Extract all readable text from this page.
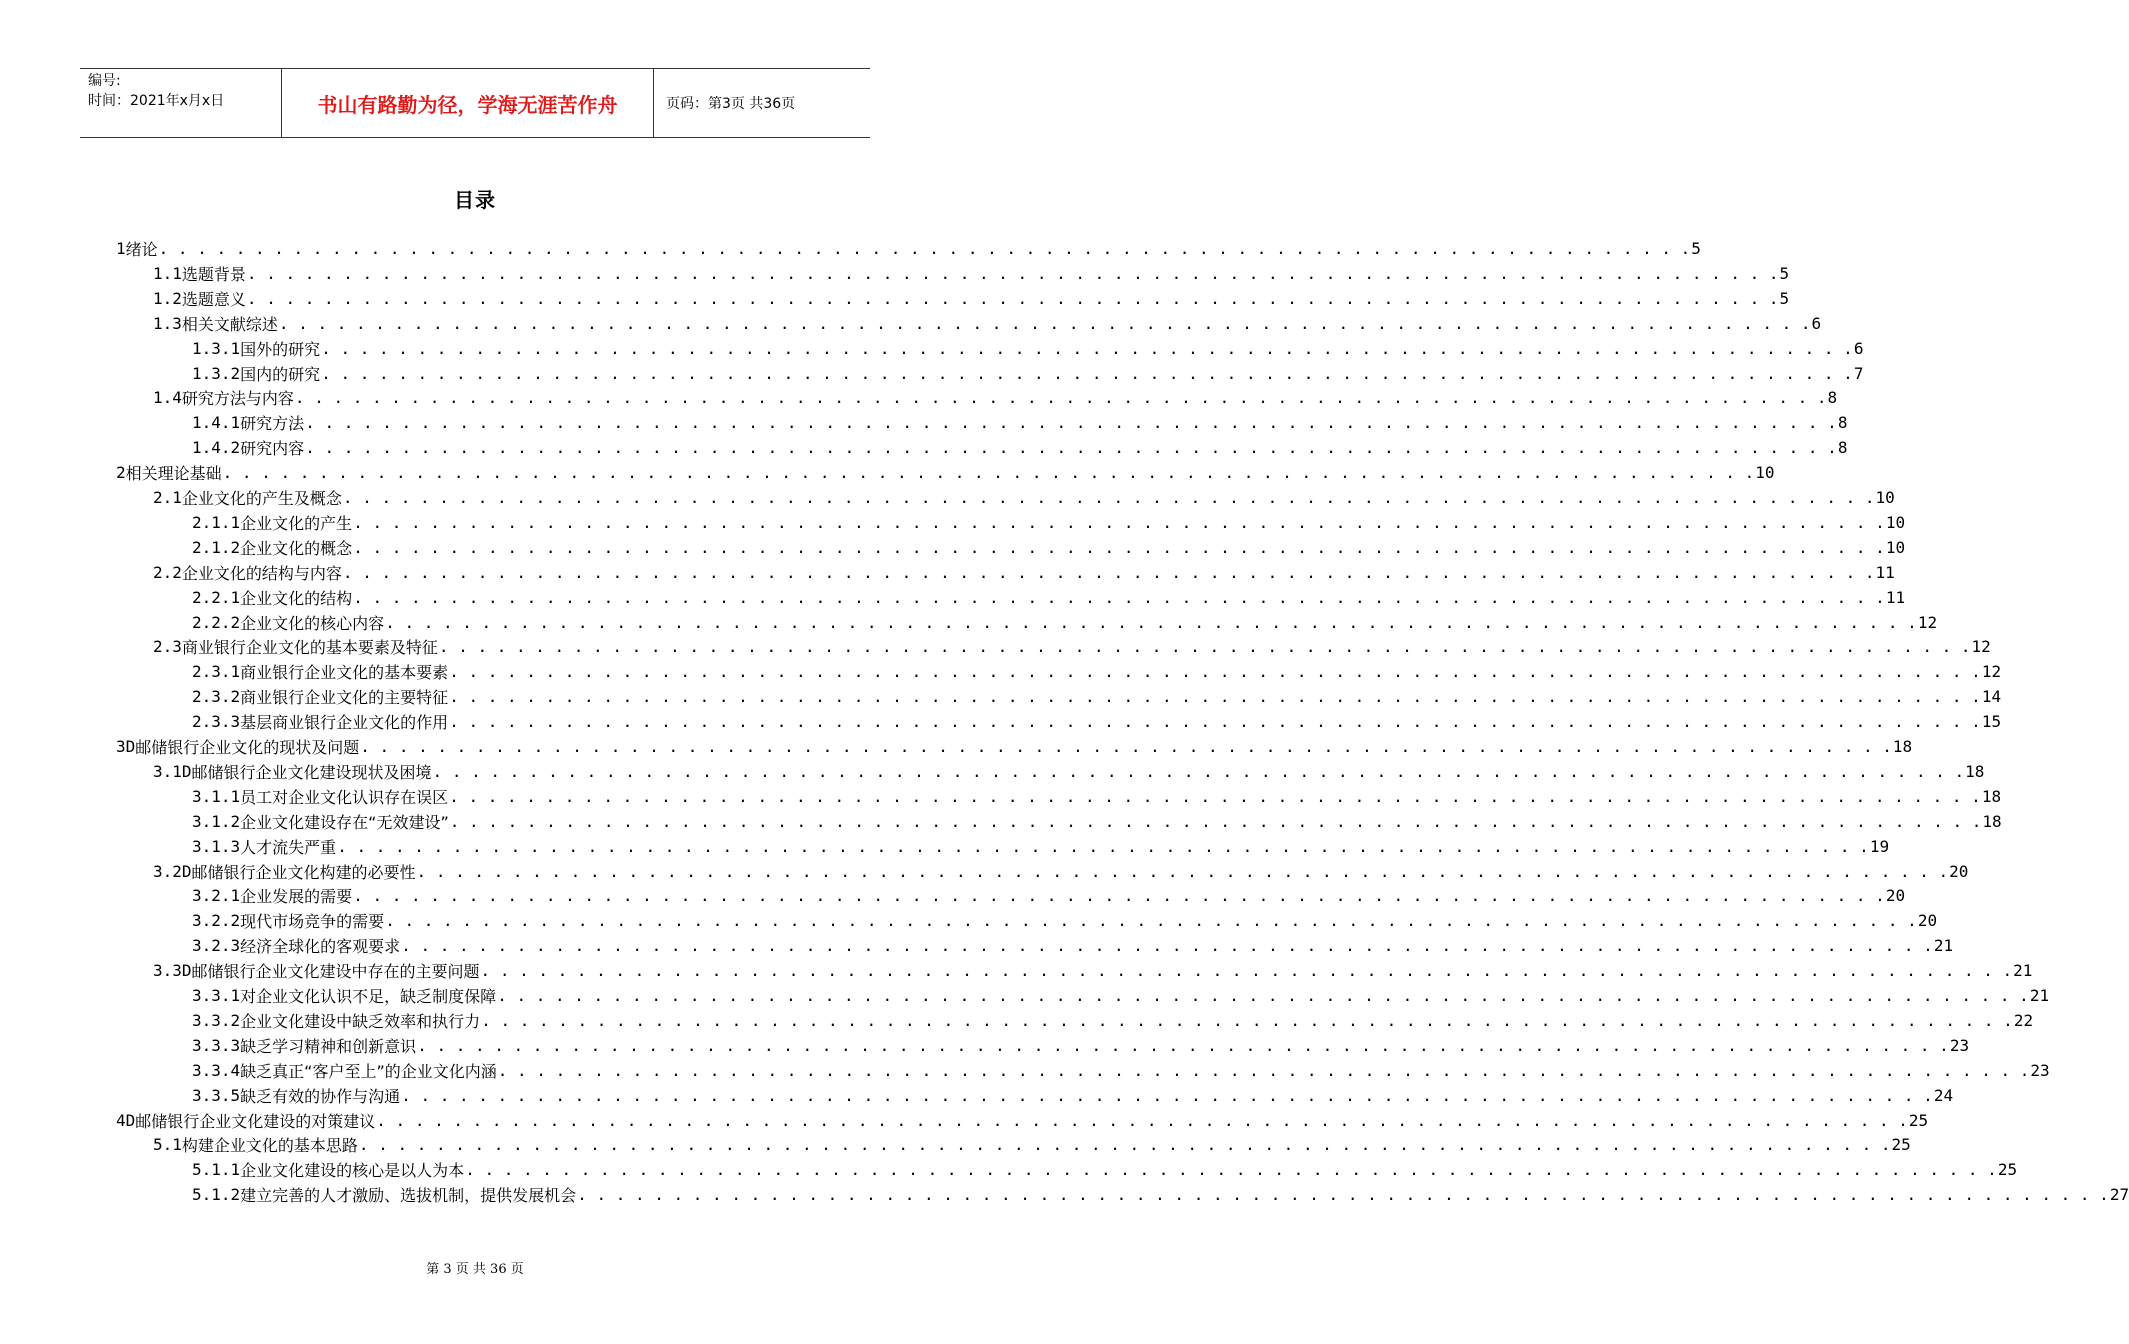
编号:
时间：2021年x月x日	书山有路勤为径，学海无涯苦作舟	页码：第3页 共36页
目录
1 绪论 . . . . . . . . . . . . . . . . . . . . . . . . . . . . . . . . . . . . . . . . . . . . . . . . . . . . . . . . . . . . . . . . . . . . . . . . . . . . . . . . 5
1.1 选题背景 . . . . . . . . . . . . . . . . . . . . . . . . . . . . . . . . . . . . . . . . . . . . . . . . . . . . . . . . . . . . . . . . . . . . . . . . . . . . . . . . 5
1.2 选题意义 . . . . . . . . . . . . . . . . . . . . . . . . . . . . . . . . . . . . . . . . . . . . . . . . . . . . . . . . . . . . . . . . . . . . . . . . . . . . . . . . 5
1.3 相关文献综述 . . . . . . . . . . . . . . . . . . . . . . . . . . . . . . . . . . . . . . . . . . . . . . . . . . . . . . . . . . . . . . . . . . . . . . . . . . . . . . . . 6
1.3.1 国外的研究 . . . . . . . . . . . . . . . . . . . . . . . . . . . . . . . . . . . . . . . . . . . . . . . . . . . . . . . . . . . . . . . . . . . . . . . . . . . . . . . . 6
1.3.2 国内的研究 . . . . . . . . . . . . . . . . . . . . . . . . . . . . . . . . . . . . . . . . . . . . . . . . . . . . . . . . . . . . . . . . . . . . . . . . . . . . . . . . 7
1.4 研究方法与内容 . . . . . . . . . . . . . . . . . . . . . . . . . . . . . . . . . . . . . . . . . . . . . . . . . . . . . . . . . . . . . . . . . . . . . . . . . . . . . . . . 8
1.4.1 研究方法 . . . . . . . . . . . . . . . . . . . . . . . . . . . . . . . . . . . . . . . . . . . . . . . . . . . . . . . . . . . . . . . . . . . . . . . . . . . . . . . . 8
1.4.2 研究内容 . . . . . . . . . . . . . . . . . . . . . . . . . . . . . . . . . . . . . . . . . . . . . . . . . . . . . . . . . . . . . . . . . . . . . . . . . . . . . . . . 8
2 相关理论基础 . . . . . . . . . . . . . . . . . . . . . . . . . . . . . . . . . . . . . . . . . . . . . . . . . . . . . . . . . . . . . . . . . . . . . . . . . . . . . . . . 10
2.1 企业文化的产生及概念 . . . . . . . . . . . . . . . . . . . . . . . . . . . . . . . . . . . . . . . . . . . . . . . . . . . . . . . . . . . . . . . . . . . . . . . . . . . . . . . . 10
2.1.1 企业文化的产生 . . . . . . . . . . . . . . . . . . . . . . . . . . . . . . . . . . . . . . . . . . . . . . . . . . . . . . . . . . . . . . . . . . . . . . . . . . . . . . . . 10
2.1.2 企业文化的概念 . . . . . . . . . . . . . . . . . . . . . . . . . . . . . . . . . . . . . . . . . . . . . . . . . . . . . . . . . . . . . . . . . . . . . . . . . . . . . . . . 10
2.2 企业文化的结构与内容 . . . . . . . . . . . . . . . . . . . . . . . . . . . . . . . . . . . . . . . . . . . . . . . . . . . . . . . . . . . . . . . . . . . . . . . . . . . . . . . . 11
2.2.1 企业文化的结构 . . . . . . . . . . . . . . . . . . . . . . . . . . . . . . . . . . . . . . . . . . . . . . . . . . . . . . . . . . . . . . . . . . . . . . . . . . . . . . . . 11
2.2.2 企业文化的核心内容 . . . . . . . . . . . . . . . . . . . . . . . . . . . . . . . . . . . . . . . . . . . . . . . . . . . . . . . . . . . . . . . . . . . . . . . . . . . . . . . . 12
2.3 商业银行企业文化的基本要素及特征 . . . . . . . . . . . . . . . . . . . . . . . . . . . . . . . . . . . . . . . . . . . . . . . . . . . . . . . . . . . . . . . . . . . . . . . . . . . . . . . . 12
2.3.1 商业银行企业文化的基本要素 . . . . . . . . . . . . . . . . . . . . . . . . . . . . . . . . . . . . . . . . . . . . . . . . . . . . . . . . . . . . . . . . . . . . . . . . . . . . . . . . 12
2.3.2 商业银行企业文化的主要特征 . . . . . . . . . . . . . . . . . . . . . . . . . . . . . . . . . . . . . . . . . . . . . . . . . . . . . . . . . . . . . . . . . . . . . . . . . . . . . . . . 14
2.3.3 基层商业银行企业文化的作用 . . . . . . . . . . . . . . . . . . . . . . . . . . . . . . . . . . . . . . . . . . . . . . . . . . . . . . . . . . . . . . . . . . . . . . . . . . . . . . . . 15
3D 邮储银行企业文化的现状及问题 . . . . . . . . . . . . . . . . . . . . . . . . . . . . . . . . . . . . . . . . . . . . . . . . . . . . . . . . . . . . . . . . . . . . . . . . . . . . . . . . 18
3.1D 邮储银行企业文化建设现状及困境 . . . . . . . . . . . . . . . . . . . . . . . . . . . . . . . . . . . . . . . . . . . . . . . . . . . . . . . . . . . . . . . . . . . . . . . . . . . . . . . . 18
3.1.1 员工对企业文化认识存在误区 . . . . . . . . . . . . . . . . . . . . . . . . . . . . . . . . . . . . . . . . . . . . . . . . . . . . . . . . . . . . . . . . . . . . . . . . . . . . . . . . 18
3.1.2 企业文化建设存在“无效建设” . . . . . . . . . . . . . . . . . . . . . . . . . . . . . . . . . . . . . . . . . . . . . . . . . . . . . . . . . . . . . . . . . . . . . . . . . . . . . . . . 18
3.1.3 人才流失严重 . . . . . . . . . . . . . . . . . . . . . . . . . . . . . . . . . . . . . . . . . . . . . . . . . . . . . . . . . . . . . . . . . . . . . . . . . . . . . . . . 19
3.2D 邮储银行企业文化构建的必要性 . . . . . . . . . . . . . . . . . . . . . . . . . . . . . . . . . . . . . . . . . . . . . . . . . . . . . . . . . . . . . . . . . . . . . . . . . . . . . . . . 20
3.2.1 企业发展的需要 . . . . . . . . . . . . . . . . . . . . . . . . . . . . . . . . . . . . . . . . . . . . . . . . . . . . . . . . . . . . . . . . . . . . . . . . . . . . . . . . 20
3.2.2 现代市场竞争的需要 . . . . . . . . . . . . . . . . . . . . . . . . . . . . . . . . . . . . . . . . . . . . . . . . . . . . . . . . . . . . . . . . . . . . . . . . . . . . . . . . 20
3.2.3 经济全球化的客观要求 . . . . . . . . . . . . . . . . . . . . . . . . . . . . . . . . . . . . . . . . . . . . . . . . . . . . . . . . . . . . . . . . . . . . . . . . . . . . . . . . 21
3.3D 邮储银行企业文化建设中存在的主要问题 . . . . . . . . . . . . . . . . . . . . . . . . . . . . . . . . . . . . . . . . . . . . . . . . . . . . . . . . . . . . . . . . . . . . . . . . . . . . . . . . 21
3.3.1 对企业文化认识不足，缺乏制度保障 . . . . . . . . . . . . . . . . . . . . . . . . . . . . . . . . . . . . . . . . . . . . . . . . . . . . . . . . . . . . . . . . . . . . . . . . . . . . . . . . 21
3.3.2 企业文化建设中缺乏效率和执行力 . . . . . . . . . . . . . . . . . . . . . . . . . . . . . . . . . . . . . . . . . . . . . . . . . . . . . . . . . . . . . . . . . . . . . . . . . . . . . . . . 22
3.3.3 缺乏学习精神和创新意识 . . . . . . . . . . . . . . . . . . . . . . . . . . . . . . . . . . . . . . . . . . . . . . . . . . . . . . . . . . . . . . . . . . . . . . . . . . . . . . . . 23
3.3.4 缺乏真正“客户至上”的企业文化内涵 . . . . . . . . . . . . . . . . . . . . . . . . . . . . . . . . . . . . . . . . . . . . . . . . . . . . . . . . . . . . . . . . . . . . . . . . . . . . . . . . 23
3.3.5 缺乏有效的协作与沟通 . . . . . . . . . . . . . . . . . . . . . . . . . . . . . . . . . . . . . . . . . . . . . . . . . . . . . . . . . . . . . . . . . . . . . . . . . . . . . . . . 24
4D 邮储银行企业文化建设的对策建议 . . . . . . . . . . . . . . . . . . . . . . . . . . . . . . . . . . . . . . . . . . . . . . . . . . . . . . . . . . . . . . . . . . . . . . . . . . . . . . . . 25
5.1 构建企业文化的基本思路 . . . . . . . . . . . . . . . . . . . . . . . . . . . . . . . . . . . . . . . . . . . . . . . . . . . . . . . . . . . . . . . . . . . . . . . . . . . . . . . . 25
5.1.1 企业文化建设的核心是以人为本 . . . . . . . . . . . . . . . . . . . . . . . . . . . . . . . . . . . . . . . . . . . . . . . . . . . . . . . . . . . . . . . . . . . . . . . . . . . . . . . . 25
5.1.2 建立完善的人才激励、选拔机制，提供发展机会 . . . . . . . . . . . . . . . . . . . . . . . . . . . . . . . . . . . . . . . . . . . . . . . . . . . . . . . . . . . . . . . . . . . . . . . . . . . . . . . . 27
第 3 页 共 36 页
